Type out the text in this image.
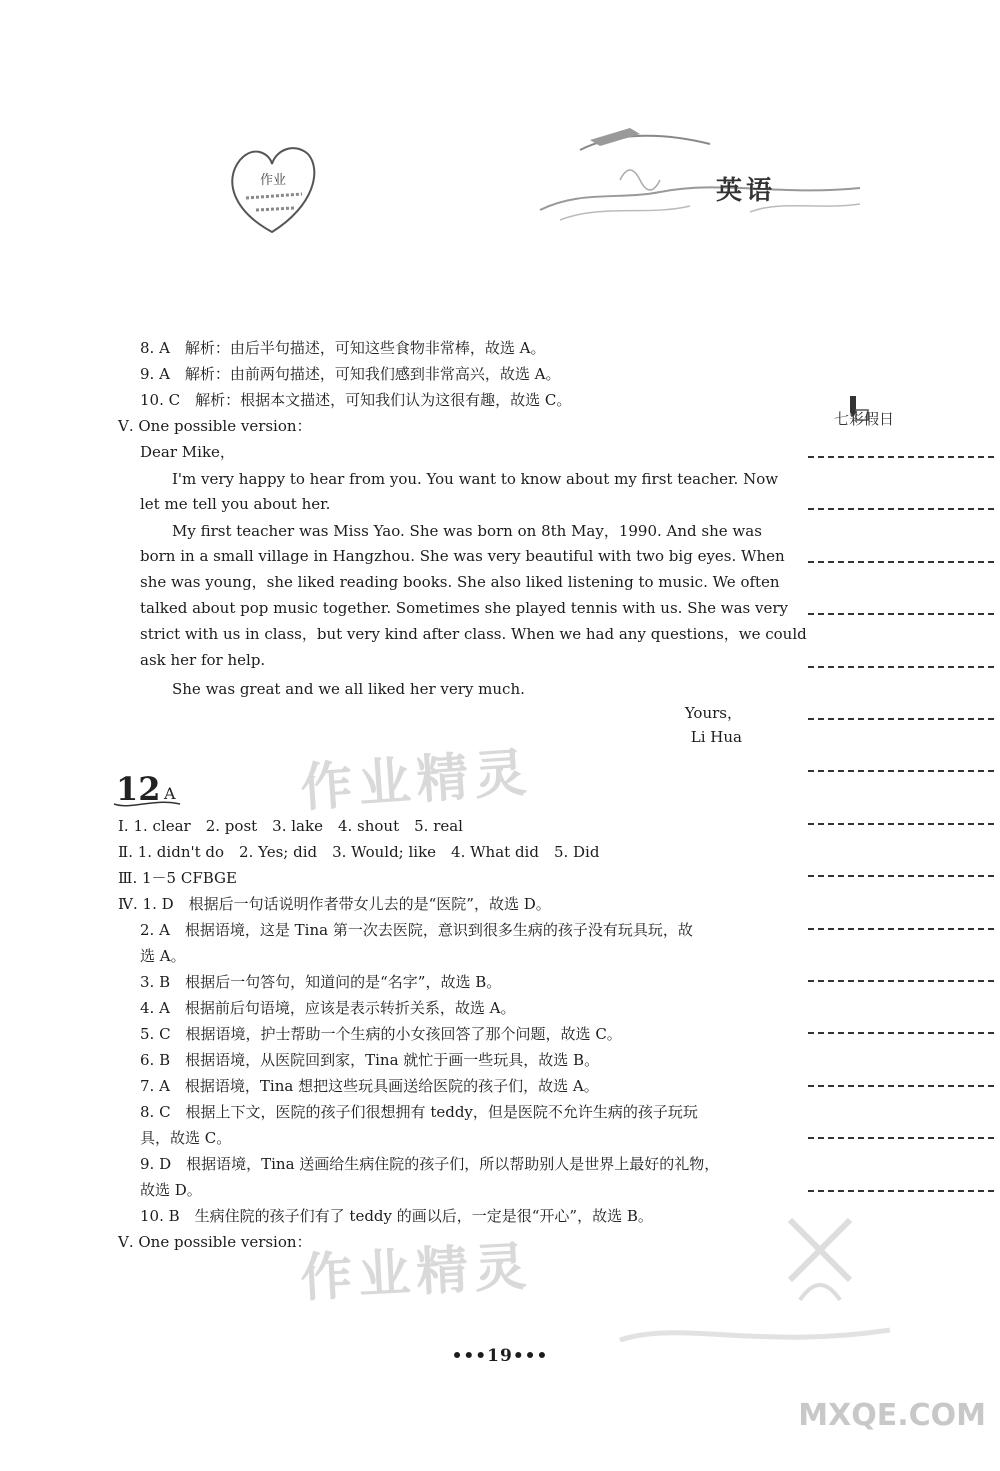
作业	英语
七彩假日
8. A　解析：由后半句描述，可知这些食物非常棒，故选 A。
9. A　解析：由前两句描述，可知我们感到非常高兴，故选 A。
10. C　解析：根据本文描述，可知我们认为这很有趣，故选 C。
Ⅴ. One possible version：
Dear Mike，
I'm very happy to hear from you. You want to know about my first teacher. Now
let me tell you about her.
My first teacher was Miss Yao. She was born on 8th May，1990. And she was
born in a small village in Hangzhou. She was very beautiful with two big eyes. When
she was young，she liked reading books. She also liked listening to music. We often
talked about pop music together. Sometimes she played tennis with us. She was very
strict with us in class，but very kind after class. When we had any questions，we could
ask her for help.
She was great and we all liked her very much.
Yours，
Li Hua
作业精灵
12 A
Ⅰ. 1. clear　2. post　3. lake　4. shout　5. real
Ⅱ. 1. didn't do　2. Yes; did　3. Would; like　4. What did　5. Did
Ⅲ. 1－5 CFBGE
Ⅳ. 1. D　根据后一句话说明作者带女儿去的是“医院”，故选 D。
2. A　根据语境，这是 Tina 第一次去医院，意识到很多生病的孩子没有玩具玩，故
选 A。
3. B　根据后一句答句，知道问的是“名字”，故选 B。
4. A　根据前后句语境，应该是表示转折关系，故选 A。
5. C　根据语境，护士帮助一个生病的小女孩回答了那个问题，故选 C。
6. B　根据语境，从医院回到家，Tina 就忙于画一些玩具，故选 B。
7. A　根据语境，Tina 想把这些玩具画送给医院的孩子们，故选 A。
8. C　根据上下文，医院的孩子们很想拥有 teddy，但是医院不允许生病的孩子玩玩
具，故选 C。
9. D　根据语境，Tina 送画给生病住院的孩子们，所以帮助别人是世界上最好的礼物，
故选 D。
10. B　生病住院的孩子们有了 teddy 的画以后，一定是很“开心”，故选 B。
Ⅴ. One possible version：
作业精灵
•••19•••
MXQE.COM
